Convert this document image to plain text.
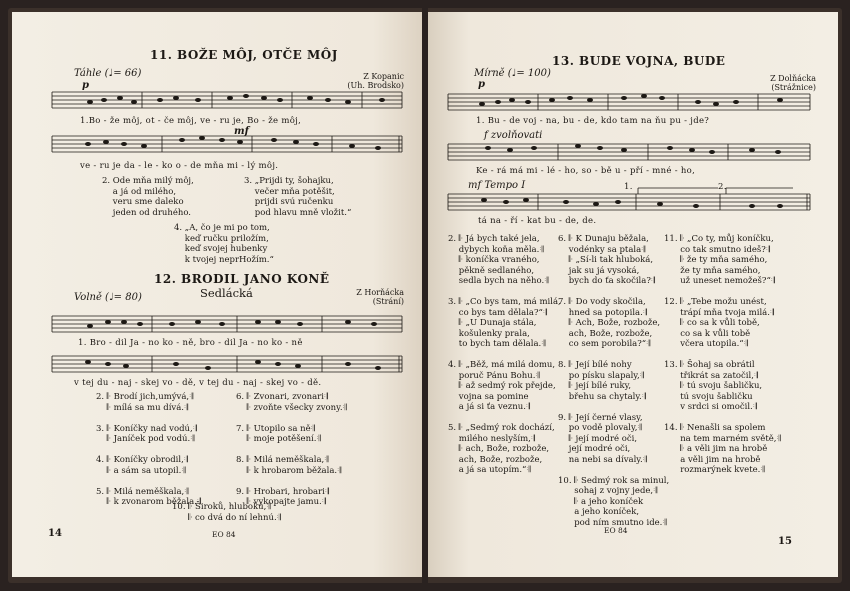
11. BOŽE MÔJ, OTČE MÔJ
Táhle (♩= 66)
p
Z Kopanic
(Uh. Brodsko)
1.Bo - že môj, ot - če môj, ve - ru je, Bo - že môj,
mf
ve - ru je da - le - ko o - de mňa mi - lý môj.
2. Ode mňa milý môj,
a já od milého,
veru sme daleko
jeden od druhého.
3. „Prijdi ty, šohajku,
večer mňa potěšit,
prijdi svú ručenku
pod hlavu mně vložit.“
4. „A, čo je mi po tom,
keď ručku priložím,
keď svojej hubenky
k tvojej neprHožím.“
12. BRODIL JANO KONĚ
Sedlácká
Volně (♩= 80)	Z Horňácka
(Strání)
1. Bro - dil Ja - no ko - ně, bro - dil Ja - no ko - ně
v tej du - naj - skej vo - dě, v tej du - naj - skej vo - dě.
2. 𝄆 Brodí jich,umývá,𝄇
𝄆 mílá sa mu dívá.𝄇

3. 𝄆 Koníčky nad vodú,𝄇
𝄆 Janíček pod vodú.𝄇

4. 𝄆 Koníčky obrodil,𝄇
𝄆 a sám sa utopil.𝄇

5. 𝄆 Milá neměškala,𝄇
𝄆 k zvonarom běžala.𝄇
6. 𝄆 Zvonari, zvonari𝄇
𝄆 zvoňte všecky zvony.𝄇

7. 𝄆 Utopilo sa ně𝄇
𝄆 moje potěšení.𝄇

8. 𝄆 Milá neměškala,𝄇
𝄆 k hrobarom běžala.𝄇

9. 𝄆 Hrobari, hrobari𝄇
𝄆 vykopajte jamu.𝄇
10. 𝄆 Široků, hlubokú,𝄇
𝄆 co dvá do ní lehnú.𝄇
14	EO 84
13. BUDE VOJNA, BUDE
Mírně (♩= 100)
p
Z Dolňácka
(Strážnice)
1. Bu - de voj - na, bu - de, kdo tam na ňu pu - jde?
f zvolňovati
Ke - rá má mi - lé - ho, so - bě u - pří - mné - ho,
mf Tempo I	1.	2.
tá na - ří - kat bu - de, de.
2. 𝄆 Já bych také jela,
dybych koňa měla.𝄇
𝄆 koníčka vraného,
pěkně sedlaného,
sedla bych na něho.𝄇

3. 𝄆 „Co bys tam, má milá,
co bys tam dělala?“𝄇
𝄆 „U Dunaja stála,
košulenky prala,
to bych tam dělala.𝄇

4. 𝄆 „Běž, má milá domu,
poruč Pánu Bohu.𝄇
𝄆 až sedmý rok přejde,
vojna sa pomine
a já si ťa veznu.𝄇

5. 𝄆 „Sedmý rok dochází,
milého neslyším,𝄇
𝄆 ach, Bože, rozbože,
ach, Bože, rozbože,
a já sa utopím.“𝄇
6. 𝄆 K Dunaju běžala,
vodénky sa ptala𝄇
𝄆 „Sí-li tak hluboká,
jak su já vysoká,
bych do ťa skočila?𝄇

7. 𝄆 Do vody skočila,
hned sa potopila.𝄇
𝄆 Ach, Bože, rozbože,
ach, Bože, rozbože,
co sem porobila?“𝄇

8. 𝄆 Její bílé nohy
po písku slapaly,𝄇
𝄆 její bílé ruky,
břehu sa chytaly.𝄇

9. 𝄆 Její černé vlasy,
po vodě plovaly,𝄇
𝄆 její modré oči,
její modré oči,
na nebi sa dívaly.𝄇

10. 𝄆 Sedmý rok sa minul,
sohaj z vojny jede,𝄇
𝄆 a jeho koníček
a jeho koníček,
pod ním smutno ide.𝄇
11. 𝄆 „Co ty, můj koníčku,
co tak smutno ideš?𝄇
𝄆 že ty mňa samého,
že ty mňa samého,
už uneset nemožeš?“𝄇

12. 𝄆 „Tebe možu unést,
trápí mňa tvoja milá.𝄇
𝄆 co sa k vůli tobě,
co sa k vůli tobě
včera utopila.“𝄇

13. 𝄆 Šohaj sa obrátil
třikrát sa zatočil,𝄇
𝄆 tú svoju šabličku,
tú svoju šabličku
v srdci si omočil.𝄇

14. 𝄆 Nenašli sa spolem
na tem marném světě,𝄇
𝄆 a věli jim na hrobě
a věli jim na hrobě
rozmarýnek kvete.𝄇
EO 84
15
